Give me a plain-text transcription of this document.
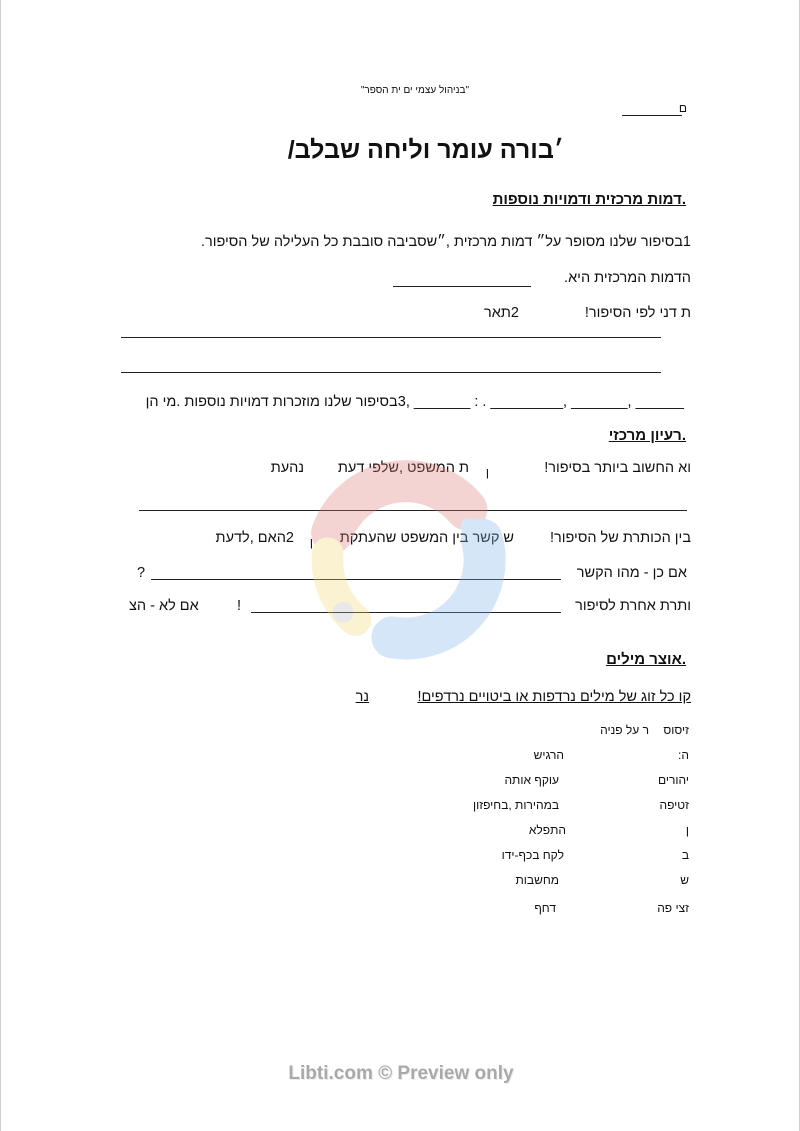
"בניהול עצמי ים ית הספר"
ם
׳בורה עומר וליחה שבלב/
.דמות מרכזית ודמויות נוספות
1בסיפור שלנו מסופר על״ דמות מרכזית ,״שסביבה סובבת כל העלילה של הסיפור.
הדמות המרכזית היא.
ת דני לפי הסיפור!
2תאר
______ ,_______ ,_________ . : _______ ,3בסיפור שלנו מוזכרות דמויות נוספות .מי הן
.רעיון מרכזי
וא החשוב ביותר בסיפור!
ן
ת המשפט ,שלפי דעת
נהעת
בין הכותרת של הסיפור!
ש קשר בין המשפט שהעתקת
ן
2האם ,לדעת
אם כן - מהו הקשר
?
ותרת אחרת לסיפור
!
אם לא - הצ
.אוצר מילים
קו כל זוג של מילים נרדפות או ביטויים נרדפים!
נר
זיסוס
ר על פניה
ה:
הרגיש
יהורים
עוקף אותה
זטיפה
במהירות ,בחיפזון
ן
התפלא
ב
לקח בכף-ידו
ש
מחשבות
זצי פה
דחף
Libti.com © Preview only
